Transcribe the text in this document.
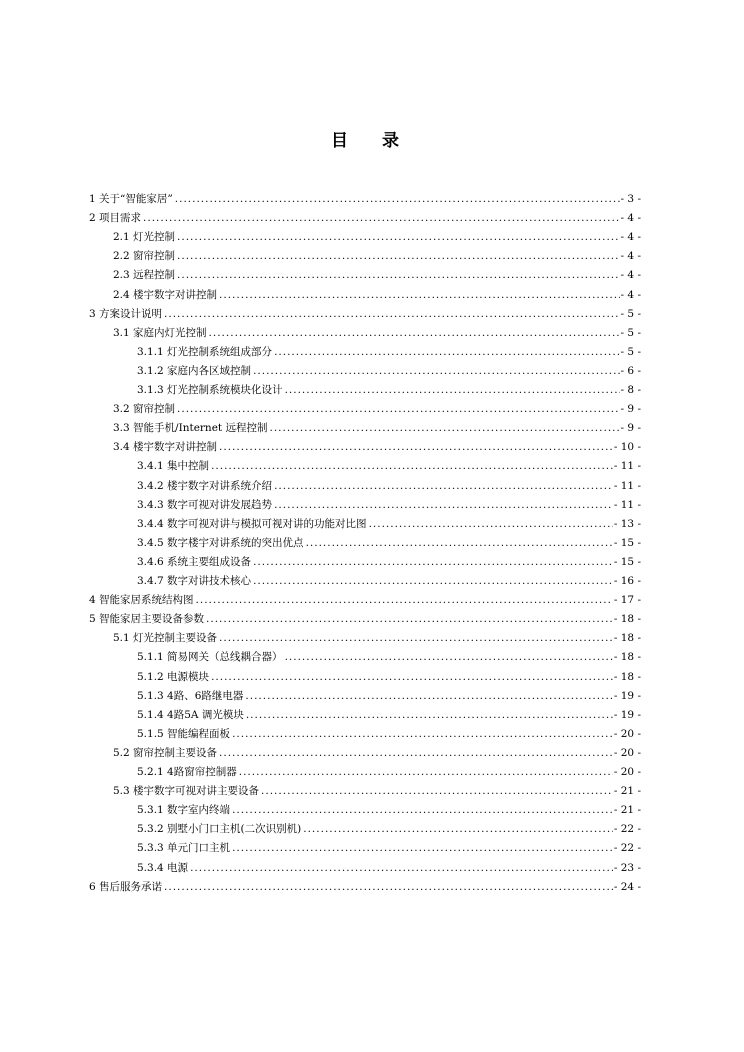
目 录
1 关于“智能家居” .....	- 3 -
2 项目需求 .....	- 4 -
2.1 灯光控制 .....	- 4 -
2.2 窗帘控制 .....	- 4 -
2.3 远程控制 .....	- 4 -
2.4 楼宇数字对讲控制 .....	- 4 -
3 方案设计说明 .....	- 5 -
3.1 家庭内灯光控制 .....	- 5 -
3.1.1 灯光控制系统组成部分 .....	- 5 -
3.1.2 家庭内各区域控制 .....	- 6 -
3.1.3 灯光控制系统模块化设计 .....	- 8 -
3.2 窗帘控制 .....	- 9 -
3.3 智能手机/Internet 远程控制 .....	- 9 -
3.4 楼宇数字对讲控制 .....	- 10 -
3.4.1 集中控制 .....	- 11 -
3.4.2 楼宇数字对讲系统介绍 .....	- 11 -
3.4.3 数字可视对讲发展趋势 .....	- 11 -
3.4.4 数字可视对讲与模拟可视对讲的功能对比图 .....	- 13 -
3.4.5 数字楼宇对讲系统的突出优点 .....	- 15 -
3.4.6 系统主要组成设备 .....	- 15 -
3.4.7 数字对讲技术核心 .....	- 16 -
4 智能家居系统结构图 .....	- 17 -
5 智能家居主要设备参数 .....	- 18 -
5.1 灯光控制主要设备 .....	- 18 -
5.1.1 简易网关（总线耦合器） .....	- 18 -
5.1.2 电源模块 .....	- 18 -
5.1.3 4路、6路继电器 .....	- 19 -
5.1.4 4路5A 调光模块 .....	- 19 -
5.1.5 智能编程面板 .....	- 20 -
5.2 窗帘控制主要设备 .....	- 20 -
5.2.1 4路窗帘控制器 .....	- 20 -
5.3 楼宇数字可视对讲主要设备 .....	- 21 -
5.3.1 数字室内终端 .....	- 21 -
5.3.2 别墅小门口主机(二次识别机) .....	- 22 -
5.3.3 单元门口主机 .....	- 22 -
5.3.4 电源 .....	- 23 -
6 售后服务承诺 .....	- 24 -
